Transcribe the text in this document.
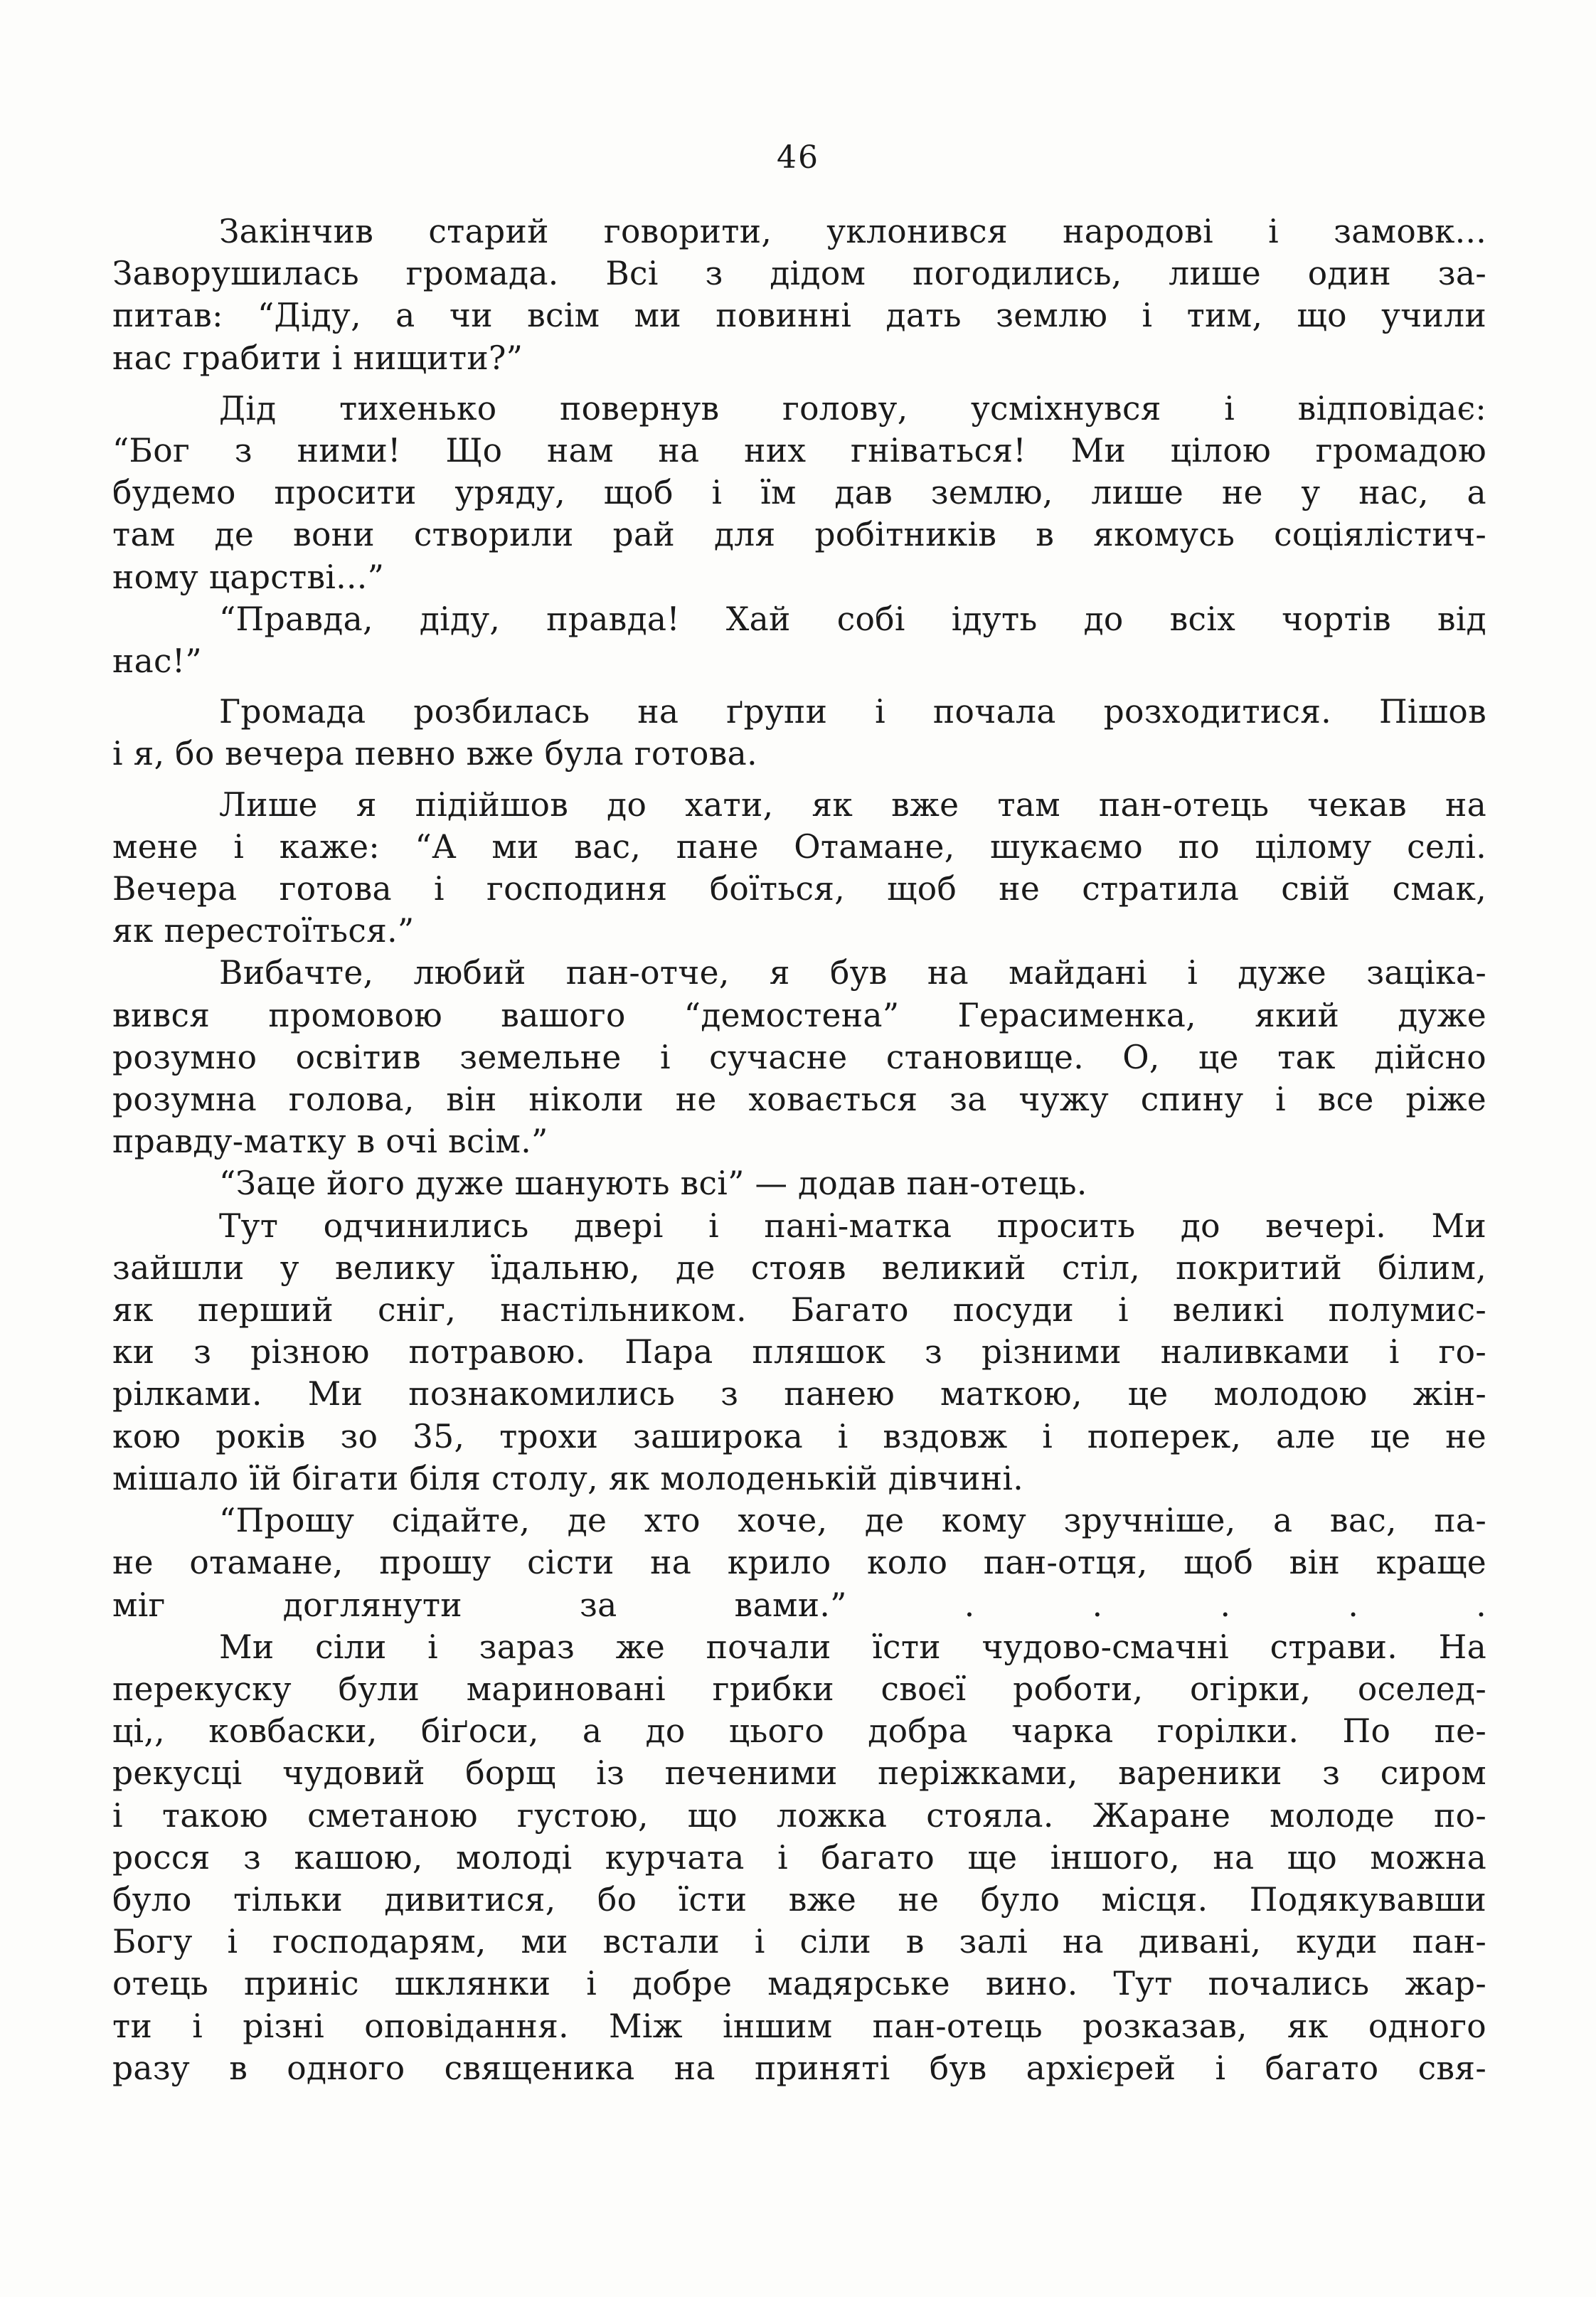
46
Закінчив старий говорити, уклонився народові і замовк...
Заворушилась громада. Всі з дідом погодились, лише один за-
питав: “Діду, а чи всім ми повинні дать землю і тим, що учили
нас грабити і нищити?”
Дід тихенько повернув голову, усміхнувся і відповідає:
“Бог з ними! Що нам на них гніватьcя! Ми цілою громадою
будемо просити уряду, щоб і їм дав землю, лише не у нас, а
там де вони створили рай для робітників в якомусь соціялістич-
ному царстві...”
“Правда, діду, правда! Хай собі ідуть до всіх чортів від
нас!”
Громада розбилась на ґрупи і почала розходитися. Пішов
і я, бо вечера певно вже була готова.
Лише я підійшов до хати, як вже там пан-отець чекав на
мене і каже: “А ми вас, пане Отамане, шукаємо по цілому селі.
Вечера готова і господиня боїться, щоб не стратила свій смак,
як перестоїться.”
Вибачте, любий пан-отче, я був на майдані і дуже заціка-
вився промовою вашого “демостена” Герасименка, який дуже
розумно освітив земельне і сучасне становище. О, це так дійсно
розумна голова, він ніколи не ховається за чужу спину і все ріже
правду-матку в очі всім.”
“Заце його дуже шанують всі” — додав пан-отець.
Тут одчинились двері і пані-матка просить до вечері. Ми
зайшли у велику їдальню, де стояв великий стіл, покритий білим,
як перший сніг, настільником. Багато посуди і великі полумис-
ки з різною потравою. Пара пляшок з різними наливками і го-
рілками. Ми познакомились з панею маткою, це молодою жін-
кою років зо 35, трохи заширока і вздовж і поперек, але це не
мішало їй бігати біля столу, як молоденькій дівчині.
“Прошу сідайте, де хто хоче, де кому зручніше, а вас, па-
не отамане, прошу сісти на крило коло пан-отця, щоб він краще
міг доглянути за вами.” . . . . .
Ми сіли і зараз же почали їсти чудово-смачні страви. На
перекуску були мариновані грибки своєї роботи, огірки, оселед-
ці,, ковбаски, біґоси, а до цього добра чарка горілки. По пе-
рекусці чудовий борщ із печеними періжками, вареники з сиром
і такою сметаною густою, що ложка стояла. Жаране молоде по-
росся з кашою, молоді курчата і багато ще іншого, на що можна
було тільки дивитися, бо їсти вже не було місця. Подякувавши
Богу і господарям, ми встали і сіли в залі на дивані, куди пан-
отець приніс шклянки і добре мадярське вино. Тут почались жар-
ти і різні оповідання. Між іншим пан-отець розказав, як одного
разу в одного священика на приняті був архієрей і багато свя-
